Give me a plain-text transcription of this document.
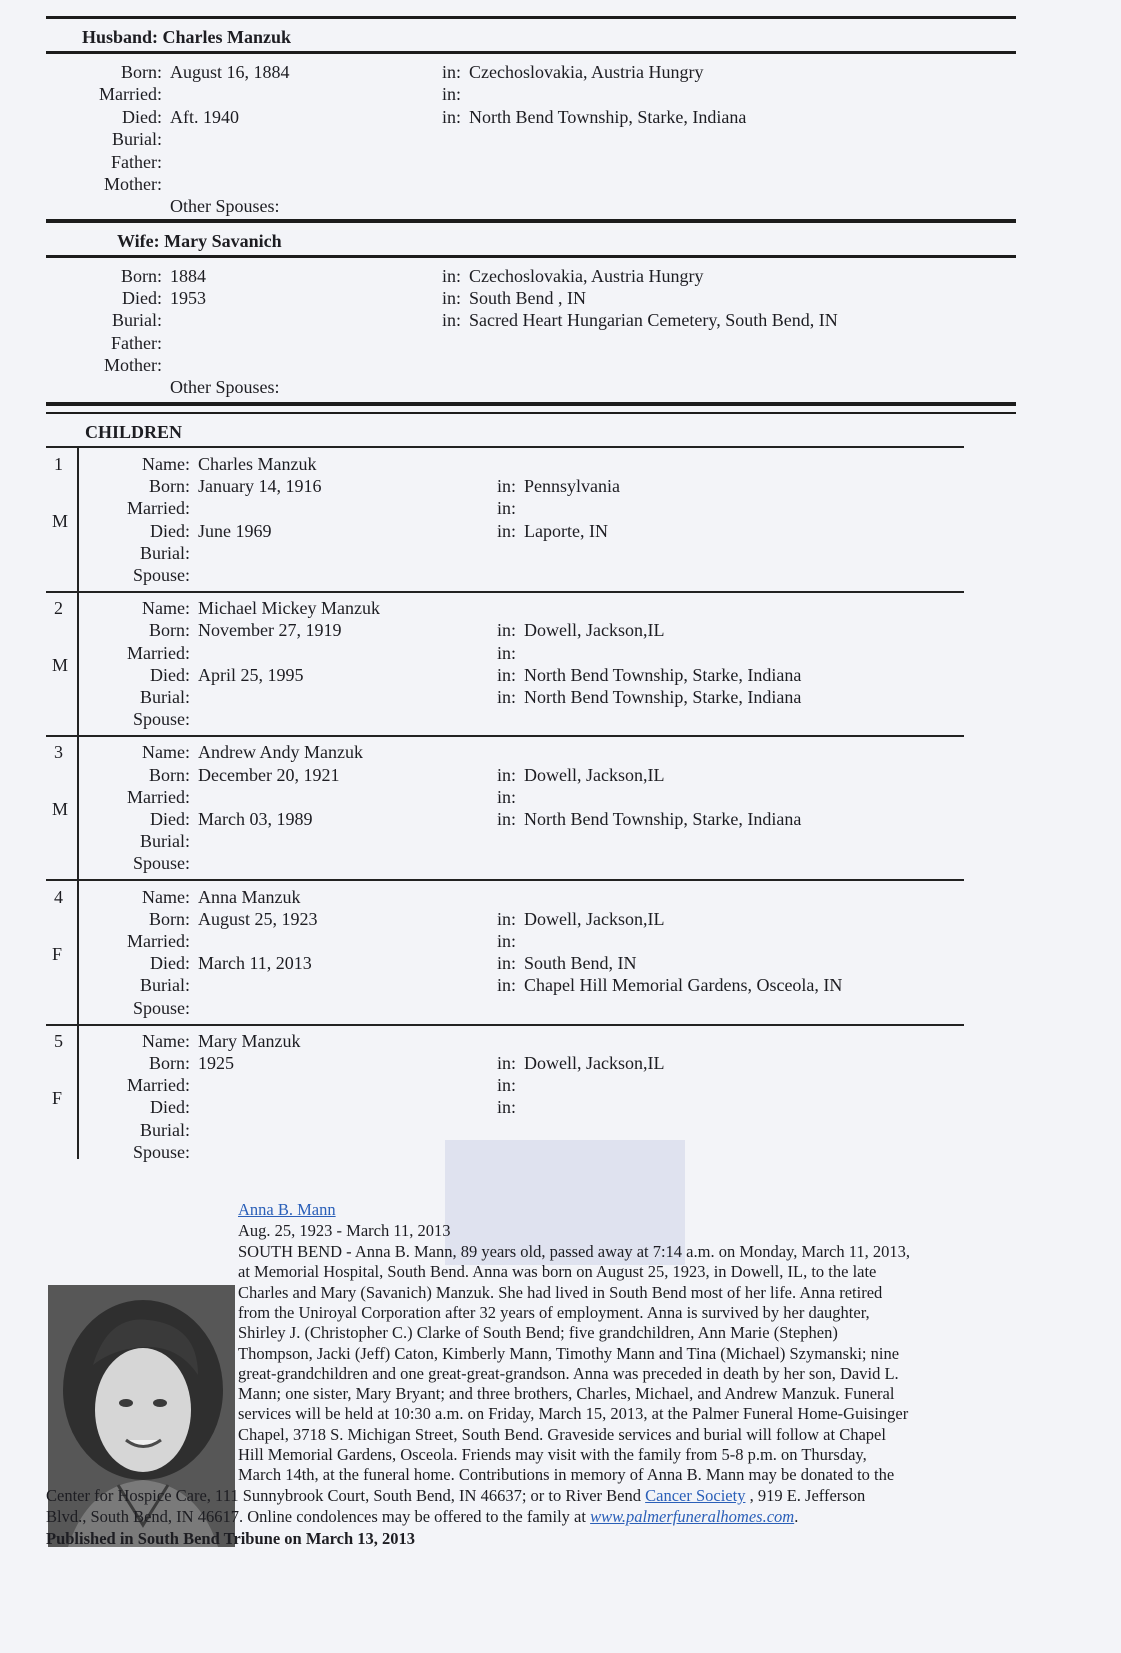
Husband: Charles Manzuk
Born: August 16, 1884	in: Czechoslovakia, Austria Hungry
Married:	in:
Died: Aft. 1940	in: North Bend Township, Starke, Indiana
Burial:
Father:
Mother:
Other Spouses:
Wife: Mary Savanich
Born: 1884	in: Czechoslovakia, Austria Hungry
Died: 1953	in: South Bend , IN
Burial:	in: Sacred Heart Hungarian Cemetery, South Bend, IN
Father:
Mother:
Other Spouses:
CHILDREN
1
M
Name: Charles Manzuk
Born: January 14, 1916	in: Pennsylvania
Married:	in:
Died: June 1969	in: Laporte, IN
Burial:
Spouse:
2
M
Name: Michael Mickey Manzuk
Born: November 27, 1919	in: Dowell, Jackson,IL
Married:	in:
Died: April 25, 1995	in: North Bend Township, Starke, Indiana
Burial:	in: North Bend Township, Starke, Indiana
Spouse:
3
M
Name: Andrew Andy Manzuk
Born: December 20, 1921	in: Dowell, Jackson,IL
Married:	in:
Died: March 03, 1989	in: North Bend Township, Starke, Indiana
Burial:
Spouse:
4
F
Name: Anna Manzuk
Born: August 25, 1923	in: Dowell, Jackson,IL
Married:	in:
Died: March 11, 2013	in: South Bend, IN
Burial:	in: Chapel Hill Memorial Gardens, Osceola, IN
Spouse:
5
F
Name: Mary Manzuk
Born: 1925	in: Dowell, Jackson,IL
Married:	in:
Died:	in:
Burial:
Spouse:
Anna B. Mann
Aug. 25, 1923 - March 11, 2013
SOUTH BEND - Anna B. Mann, 89 years old, passed away at 7:14 a.m. on Monday, March 11, 2013,
at Memorial Hospital, South Bend. Anna was born on August 25, 1923, in Dowell, IL, to the late
Charles and Mary (Savanich) Manzuk. She had lived in South Bend most of her life. Anna retired
from the Uniroyal Corporation after 32 years of employment. Anna is survived by her daughter,
Shirley J. (Christopher C.) Clarke of South Bend; five grandchildren, Ann Marie (Stephen)
Thompson, Jacki (Jeff) Caton, Kimberly Mann, Timothy Mann and Tina (Michael) Szymanski; nine
great-grandchildren and one great-great-grandson. Anna was preceded in death by her son, David L.
Mann; one sister, Mary Bryant; and three brothers, Charles, Michael, and Andrew Manzuk. Funeral
services will be held at 10:30 a.m. on Friday, March 15, 2013, at the Palmer Funeral Home-Guisinger
Chapel, 3718 S. Michigan Street, South Bend. Graveside services and burial will follow at Chapel
Hill Memorial Gardens, Osceola. Friends may visit with the family from 5-8 p.m. on Thursday,
March 14th, at the funeral home. Contributions in memory of Anna B. Mann may be donated to the
Center for Hospice Care, 111 Sunnybrook Court, South Bend, IN 46637; or to River Bend Cancer Society , 919 E. Jefferson
Blvd., South Bend, IN 46617. Online condolences may be offered to the family at www.palmerfuneralhomes.com.
Published in South Bend Tribune on March 13, 2013
